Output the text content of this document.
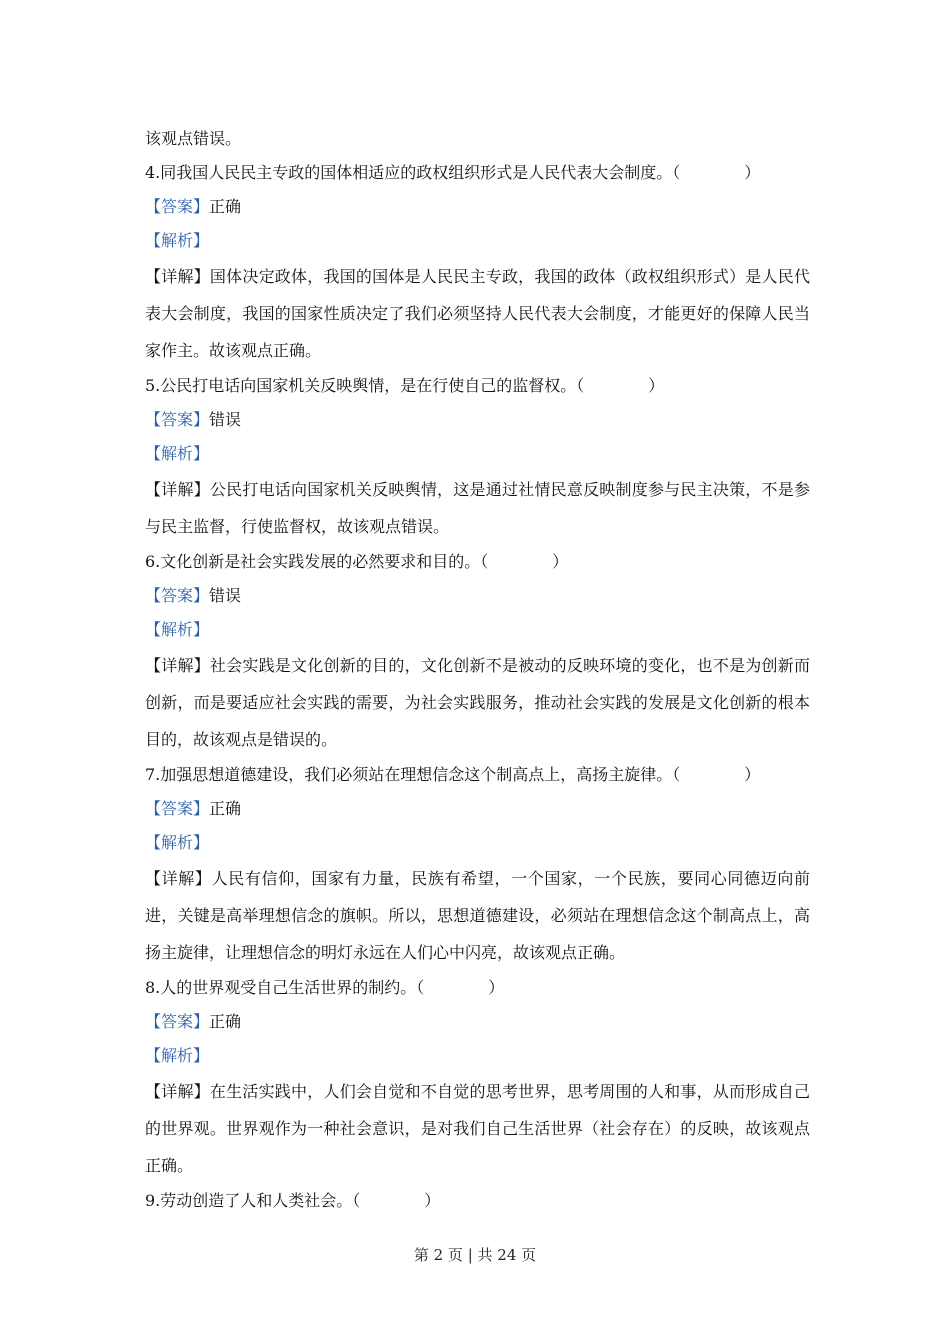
该观点错误。
4.同我国人民民主专政的国体相适应的政权组织形式是人民代表大会制度。（　　　　）
【答案】正确
【解析】
【详解】国体决定政体，我国的国体是人民民主专政，我国的政体（政权组织形式）是人民代表大会制度，我国的国家性质决定了我们必须坚持人民代表大会制度，才能更好的保障人民当家作主。故该观点正确。
5.公民打电话向国家机关反映舆情，是在行使自己的监督权。（　　　　）
【答案】错误
【解析】
【详解】公民打电话向国家机关反映舆情，这是通过社情民意反映制度参与民主决策，不是参与民主监督，行使监督权，故该观点错误。
6.文化创新是社会实践发展的必然要求和目的。（　　　　）
【答案】错误
【解析】
【详解】社会实践是文化创新的目的，文化创新不是被动的反映环境的变化，也不是为创新而创新，而是要适应社会实践的需要，为社会实践服务，推动社会实践的发展是文化创新的根本目的，故该观点是错误的。
7.加强思想道德建设，我们必须站在理想信念这个制高点上，高扬主旋律。（　　　　）
【答案】正确
【解析】
【详解】人民有信仰，国家有力量，民族有希望，一个国家，一个民族，要同心同德迈向前进，关键是高举理想信念的旗帜。所以，思想道德建设，必须站在理想信念这个制高点上，高扬主旋律，让理想信念的明灯永远在人们心中闪亮，故该观点正确。
8.人的世界观受自己生活世界的制约。（　　　　）
【答案】正确
【解析】
【详解】在生活实践中，人们会自觉和不自觉的思考世界，思考周围的人和事，从而形成自己的世界观。世界观作为一种社会意识，是对我们自己生活世界（社会存在）的反映，故该观点正确。
9.劳动创造了人和人类社会。（　　　　）
第 2 页 | 共 24 页
